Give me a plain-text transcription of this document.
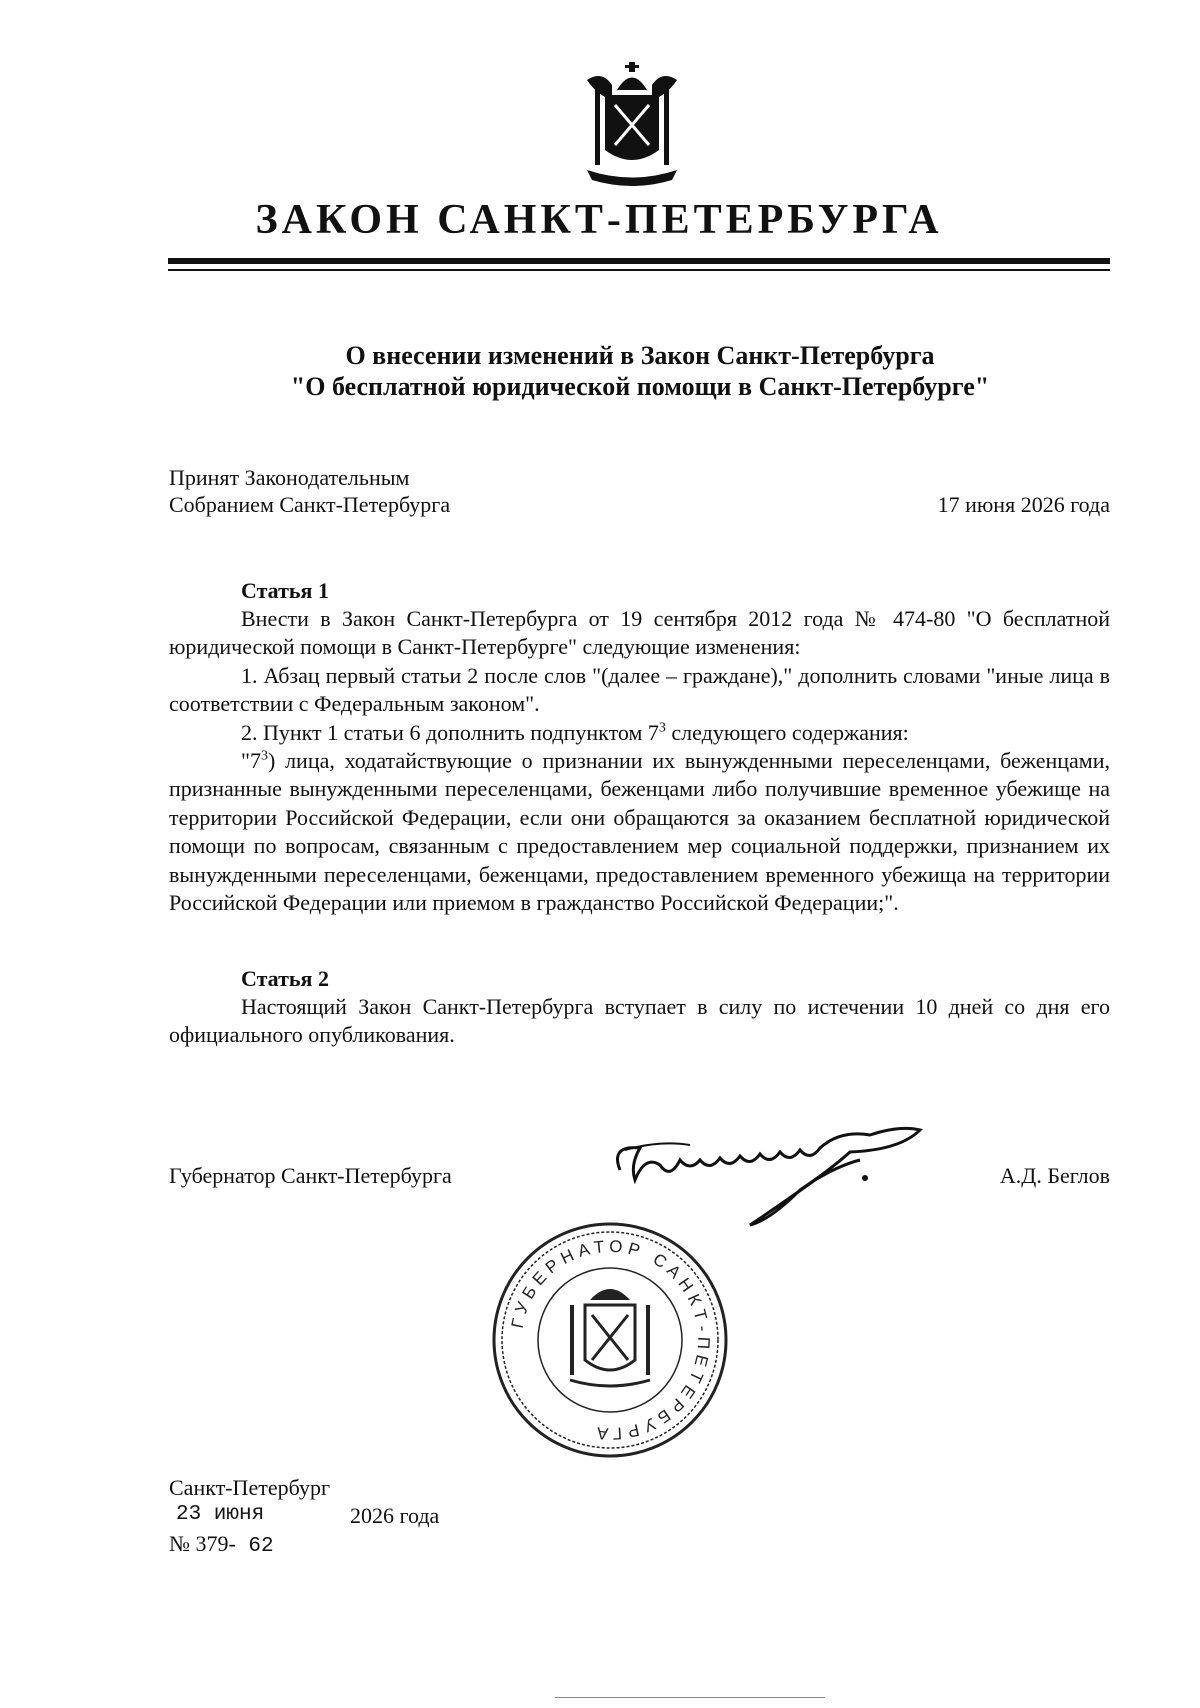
ЗАКОН САНКТ-ПЕТЕРБУРГА
О внесении изменений в Закон Санкт-Петербурга
"О бесплатной юридической помощи в Санкт-Петербурге"
Принят Законодательным
Собранием Санкт-Петербурга	17 июня 2026 года
Статья 1

Внести в Закон Санкт-Петербурга от 19 сентября 2012 года № 474-80 "О бесплатной юридической помощи в Санкт-Петербурге" следующие изменения:

1. Абзац первый статьи 2 после слов "(далее – граждане)," дополнить словами "иные лица в соответствии с Федеральным законом".

2. Пункт 1 статьи 6 дополнить подпунктом $7^3$ следующего содержания:

"$7^3$) лица, ходатайствующие о признании их вынужденными переселенцами, беженцами, признанные вынужденными переселенцами, беженцами либо получившие временное убежище на территории Российской Федерации, если они обращаются за оказанием бесплатной юридической помощи по вопросам, связанным с предоставлением мер социальной поддержки, признанием их вынужденными переселенцами, беженцами, предоставлением временного убежища на территории Российской Федерации или приемом в гражданство Российской Федерации;".

Статья 2

Настоящий Закон Санкт-Петербурга вступает в силу по истечении 10 дней со дня его официального опубликования.

Губернатор Санкт-Петербурга	А.Д. Беглов
ГУБЕРНАТОР САНКТ-ПЕТЕРБУРГА
Санкт-Петербург
23 июня	2026 года
№ 379- 62
